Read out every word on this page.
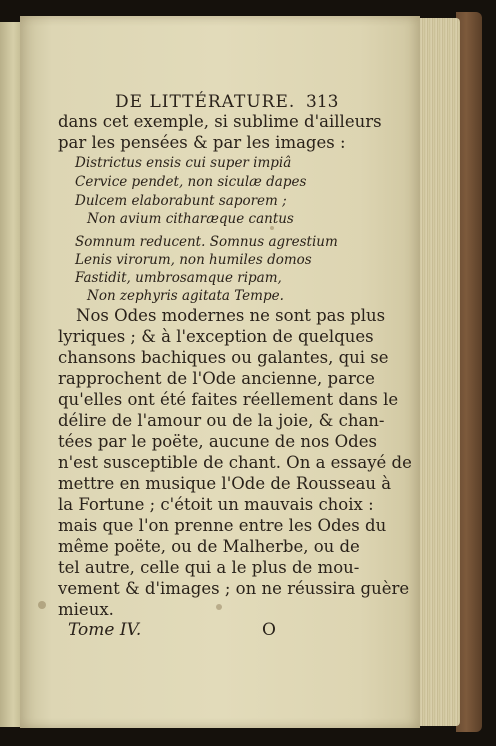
DE LITTÉRATURE. 313
dans cet exemple, si sublime d'ailleurs
par les pensées & par les images :
Districtus ensis cui super impiâ
Cervice pendet, non siculæ dapes
Dulcem elaborabunt saporem ;
Non avium citharæque cantus
Somnum reducent. Somnus agrestium
Lenis virorum, non humiles domos
Fastidit, umbrosamque ripam,
Non zephyris agitata Tempe.
Nos Odes modernes ne sont pas plus
lyriques ; & à l'exception de quelques
chansons bachiques ou galantes, qui se
rapprochent de l'Ode ancienne, parce
qu'elles ont été faites réellement dans le
délire de l'amour ou de la joie, & chan-
tées par le poëte, aucune de nos Odes
n'est susceptible de chant. On a essayé de
mettre en musique l'Ode de Rousseau à
la Fortune ; c'étoit un mauvais choix :
mais que l'on prenne entre les Odes du
même poëte, ou de Malherbe, ou de
tel autre, celle qui a le plus de mou-
vement & d'images ; on ne réussira guère
mieux.
Tome IV.	O
